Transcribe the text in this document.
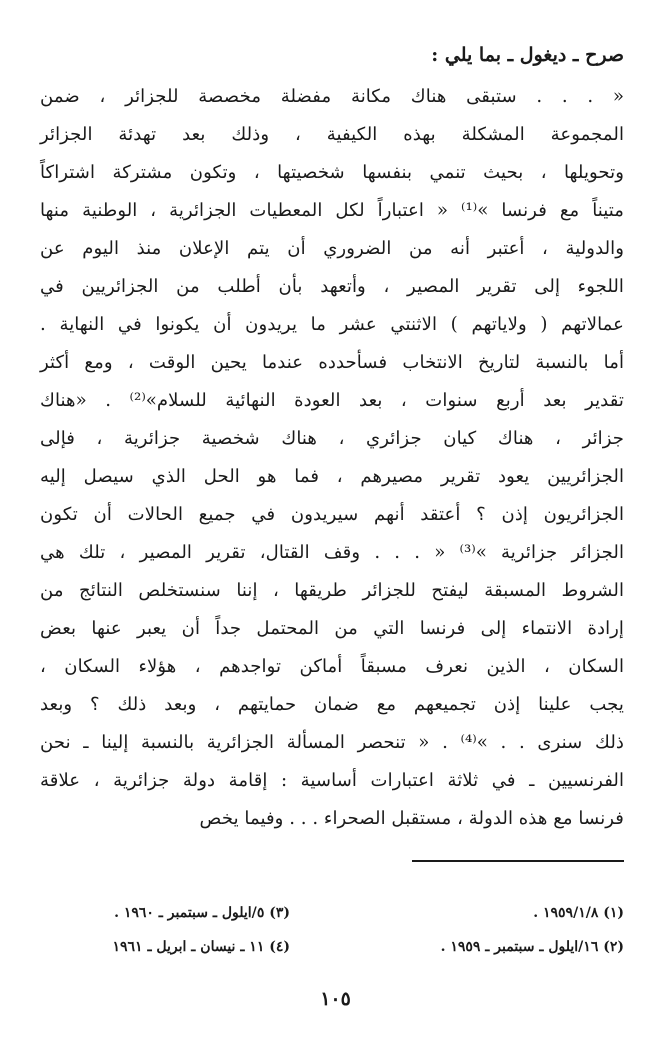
صرح ـ ديغول ـ بما يلي :
« . . . ستبقى هناك مكانة مفضلة مخصصة للجزائر ، ضمن
المجموعة المشكلة بهذه الكيفية ، وذلك بعد تهدئة الجزائر
وتحويلها ، بحيث تنمي بنفسها شخصيتها ، وتكون مشتركة اشتراكاً
متيناً مع فرنسا »⁽¹⁾ « اعتباراً لكل المعطيات الجزائرية ، الوطنية منها
والدولية ، أعتبر أنه من الضروري أن يتم الإعلان منذ اليوم عن
اللجوء إلى تقرير المصير ، وأتعهد بأن أطلب من الجزائريين في
عمالاتهم ( ولاياتهم ) الاثنتي عشر ما يريدون أن يكونوا في النهاية .
أما بالنسبة لتاريخ الانتخاب فسأحدده عندما يحين الوقت ، ومع أكثر
تقدير بعد أربع سنوات ، بعد العودة النهائية للسلام»⁽²⁾ . «هناك
جزائر ، هناك كيان جزائري ، هناك شخصية جزائرية ، فإلى
الجزائريين يعود تقرير مصيرهم ، فما هو الحل الذي سيصل إليه
الجزائريون إذن ؟ أعتقد أنهم سيريدون في جميع الحالات أن تكون
الجزائر جزائرية »⁽³⁾ « . . . وقف القتال، تقرير المصير ، تلك هي
الشروط المسبقة ليفتح للجزائر طريقها ، إننا سنستخلص النتائج من
إرادة الانتماء إلى فرنسا التي من المحتمل جداً أن يعبر عنها بعض
السكان ، الذين نعرف مسبقاً أماكن تواجدهم ، هؤلاء السكان ،
يجب علينا إذن تجميعهم مع ضمان حمايتهم ، وبعد ذلك ؟ وبعد
ذلك سنرى . . »⁽⁴⁾ . « تنحصر المسألة الجزائرية بالنسبة إلينا ـ نحن
الفرنسيين ـ في ثلاثة اعتبارات أساسية : إقامة دولة جزائرية ، علاقة
فرنسا مع هذه الدولة ، مستقبل الصحراء . . . وفيما يخص
(١) ١٩٥٩/١/٨ .
(٣) ٥/ايلول ـ سبتمبر ـ ١٩٦٠ .
(٢) ١٦/ايلول ـ سبتمبر ـ ١٩٥٩ .
(٤) ١١ ـ نيسان ـ ابريل ـ ١٩٦١
١٠٥
